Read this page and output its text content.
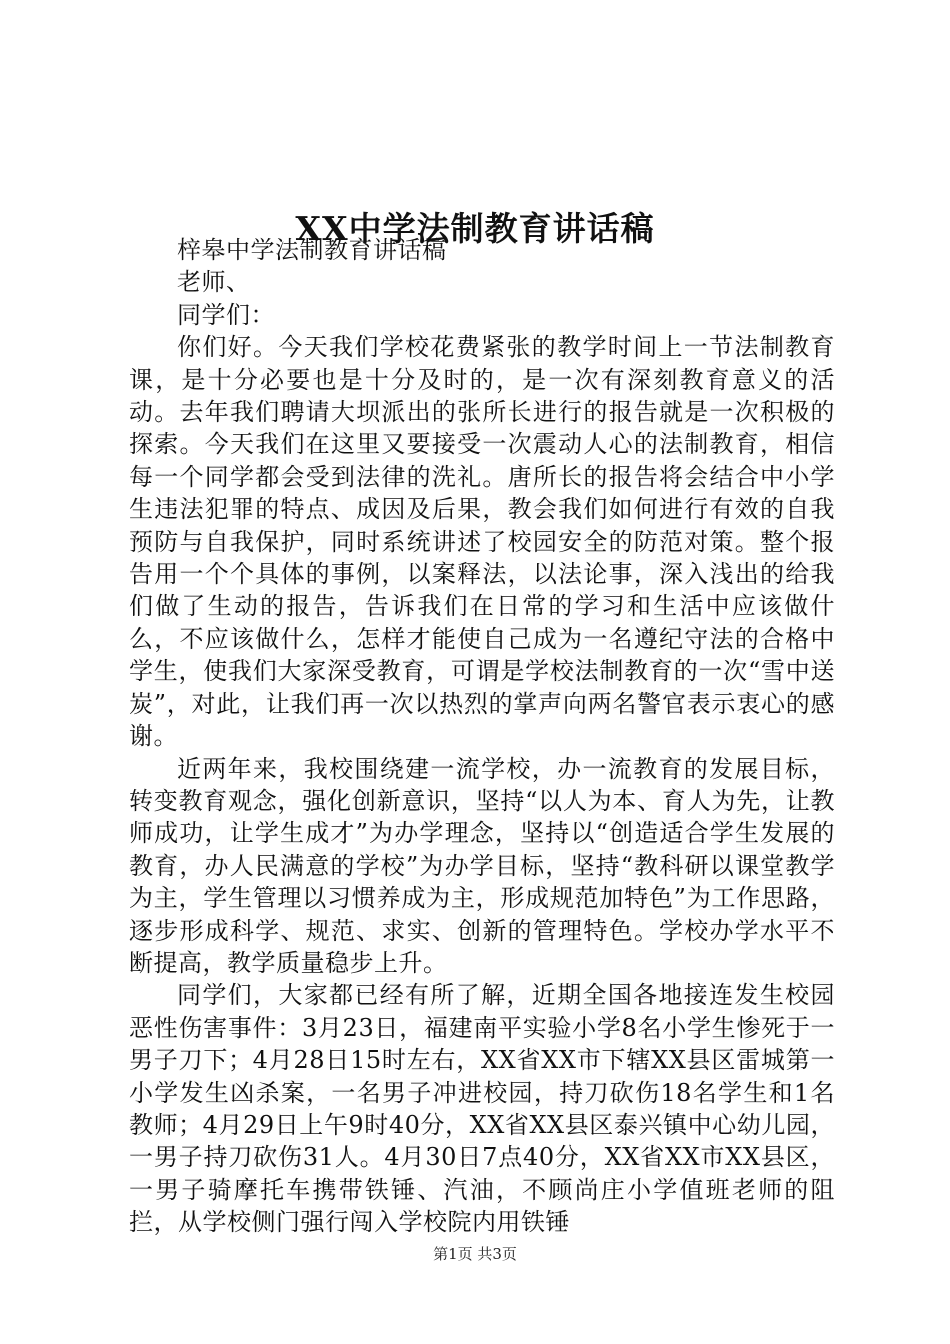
XX中学法制教育讲话稿

梓皋中学法制教育讲话稿

老师、

同学们：

你们好。今天我们学校花费紧张的教学时间上一节法制教育课，是十分必要也是十分及时的，是一次有深刻教育意义的活动。去年我们聘请大坝派出的张所长进行的报告就是一次积极的探索。今天我们在这里又要接受一次震动人心的法制教育，相信每一个同学都会受到法律的洗礼。唐所长的报告将会结合中小学生违法犯罪的特点、成因及后果，教会我们如何进行有效的自我预防与自我保护，同时系统讲述了校园安全的防范对策。整个报告用一个个具体的事例，以案释法，以法论事，深入浅出的给我们做了生动的报告，告诉我们在日常的学习和生活中应该做什么，不应该做什么，怎样才能使自己成为一名遵纪守法的合格中学生，使我们大家深受教育，可谓是学校法制教育的一次“雪中送炭”，对此，让我们再一次以热烈的掌声向两名警官表示衷心的感谢。

近两年来，我校围绕建一流学校，办一流教育的发展目标，转变教育观念，强化创新意识，坚持“以人为本、育人为先，让教师成功，让学生成才”为办学理念，坚持以“创造适合学生发展的教育，办人民满意的学校”为办学目标，坚持“教科研以课堂教学为主，学生管理以习惯养成为主，形成规范加特色”为工作思路，逐步形成科学、规范、求实、创新的管理特色。学校办学水平不断提高，教学质量稳步上升。

同学们，大家都已经有所了解，近期全国各地接连发生校园恶性伤害事件：3月23日，福建南平实验小学8名小学生惨死于一男子刀下；4月28日15时左右，XX省XX市下辖XX县区雷城第一小学发生凶杀案，一名男子冲进校园，持刀砍伤18名学生和1名教师；4月29日上午9时40分，XX省XX县区泰兴镇中心幼儿园，一男子持刀砍伤31人。4月30日7点40分，XX省XX市XX县区，一男子骑摩托车携带铁锤、汽油，不顾尚庄小学值班老师的阻拦，从学校侧门强行闯入学校院内用铁锤

第1页 共3页
